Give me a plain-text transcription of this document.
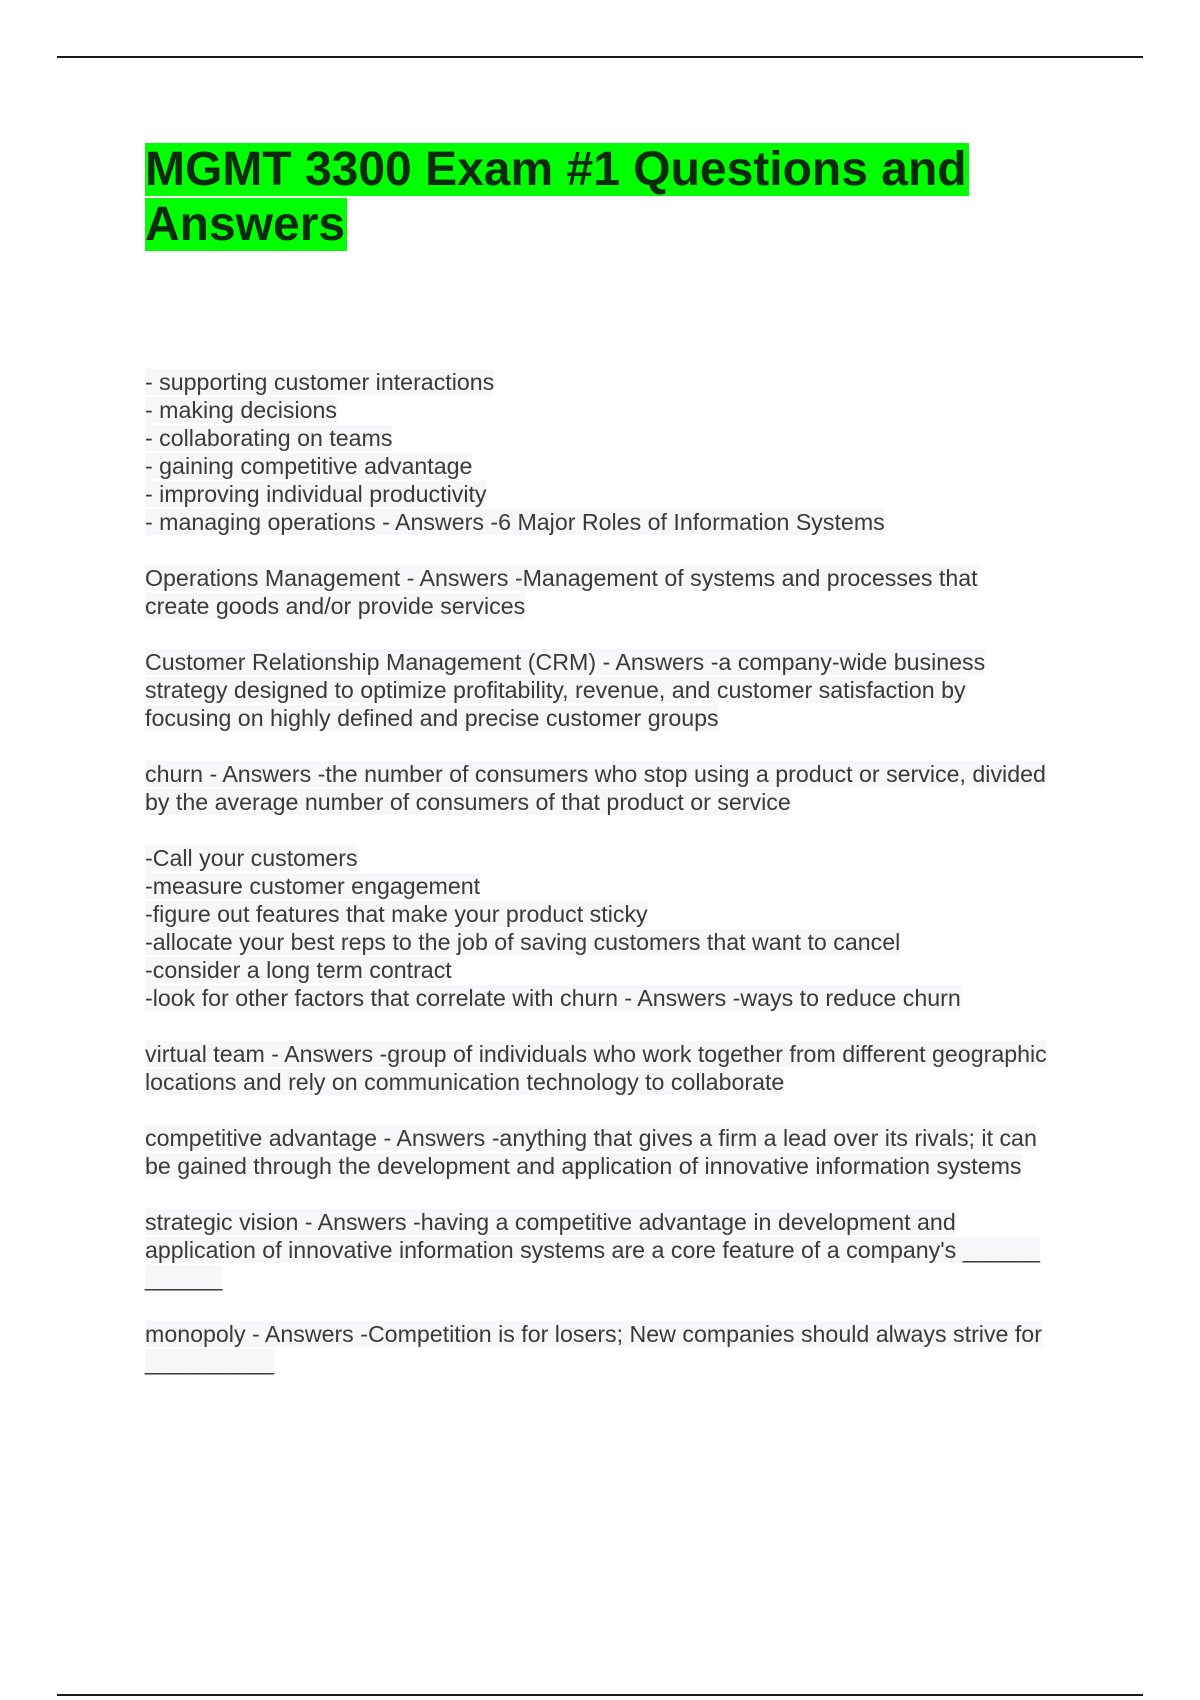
MGMT 3300 Exam #1 Questions and
Answers
- supporting customer interactions
- making decisions
- collaborating on teams
- gaining competitive advantage
- improving individual productivity
- managing operations - Answers -6 Major Roles of Information Systems
Operations Management - Answers -Management of systems and processes that
create goods and/or provide services
Customer Relationship Management (CRM) - Answers -a company-wide business
strategy designed to optimize profitability, revenue, and customer satisfaction by
focusing on highly defined and precise customer groups
churn - Answers -the number of consumers who stop using a product or service, divided
by the average number of consumers of that product or service
-Call your customers
-measure customer engagement
-figure out features that make your product sticky
-allocate your best reps to the job of saving customers that want to cancel
-consider a long term contract
-look for other factors that correlate with churn - Answers -ways to reduce churn
virtual team - Answers -group of individuals who work together from different geographic
locations and rely on communication technology to collaborate
competitive advantage - Answers -anything that gives a firm a lead over its rivals; it can
be gained through the development and application of innovative information systems
strategic vision - Answers -having a competitive advantage in development and
application of innovative information systems are a core feature of a company's ______
______
monopoly - Answers -Competition is for losers; New companies should always strive for
__________
